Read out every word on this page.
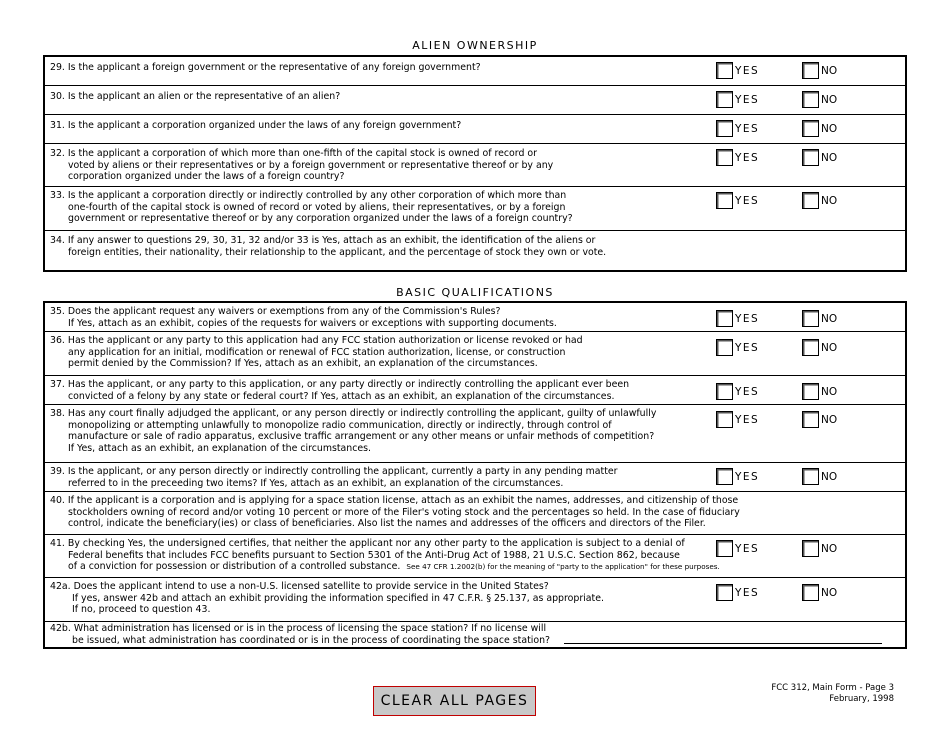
ALIEN OWNERSHIP
29. Is the applicant a foreign government or the representative of any foreign government?	YES	NO
30. Is the applicant an alien or the representative of an alien?	YES	NO
31. Is the applicant a corporation organized under the laws of any foreign government?	YES	NO
32. Is the applicant a corporation of which more than one-fifth of the capital stock is owned of record or
voted by aliens or their representatives or by a foreign government or representative thereof or by any
corporation organized under the laws of a foreign country?
YES	NO
33. Is the applicant a corporation directly or indirectly controlled by any other corporation of which more than
one-fourth of the capital stock is owned of record or voted by aliens, their representatives, or by a foreign
government or representative thereof or by any corporation organized under the laws of a foreign country?
YES	NO
34. If any answer to questions 29, 30, 31, 32 and/or 33 is Yes, attach as an exhibit, the identification of the aliens or
foreign entities, their nationality, their relationship to the applicant, and the percentage of stock they own or vote.
BASIC QUALIFICATIONS
35. Does the applicant request any waivers or exemptions from any of the Commission's Rules?
If Yes, attach as an exhibit, copies of the requests for waivers or exceptions with supporting documents.	YES	NO
36. Has the applicant or any party to this application had any FCC station authorization or license revoked or had
any application for an initial, modification or renewal of FCC station authorization, license, or construction
permit denied by the Commission? If Yes, attach as an exhibit, an explanation of the circumstances.
YES	NO
37. Has the applicant, or any party to this application, or any party directly or indirectly controlling the applicant ever been
convicted of a felony by any state or federal court? If Yes, attach as an exhibit, an explanation of the circumstances.	YES	NO
38. Has any court finally adjudged the applicant, or any person directly or indirectly controlling the applicant, guilty of unlawfully
monopolizing or attempting unlawfully to monopolize radio communication, directly or indirectly, through control of
manufacture or sale of radio apparatus, exclusive traffic arrangement or any other means or unfair methods of competition?
If Yes, attach as an exhibit, an explanation of the circumstances.
YES	NO
39. Is the applicant, or any person directly or indirectly controlling the applicant, currently a party in any pending matter
referred to in the preceeding two items? If Yes, attach as an exhibit, an explanation of the circumstances.
YES	NO
40. If the applicant is a corporation and is applying for a space station license, attach as an exhibit the names, addresses, and citizenship of those
stockholders owning of record and/or voting 10 percent or more of the Filer's voting stock and the percentages so held. In the case of fiduciary
control, indicate the beneficiary(ies) or class of beneficiaries. Also list the names and addresses of the officers and directors of the Filer.
41. By checking Yes, the undersigned certifies, that neither the applicant nor any other party to the application is subject to a denial of
Federal benefits that includes FCC benefits pursuant to Section 5301 of the Anti-Drug Act of 1988, 21 U.S.C. Section 862, because
of a conviction for possession or distribution of a controlled substance. See 47 CFR 1.2002(b) for the meaning of "party to the application" for these purposes.
YES	NO
42a. Does the applicant intend to use a non-U.S. licensed satellite to provide service in the United States?
If yes, answer 42b and attach an exhibit providing the information specified in 47 C.F.R. § 25.137, as appropriate.
If no, proceed to question 43.
YES	NO
42b. What administration has licensed or is in the process of licensing the space station? If no license will
be issued, what administration has coordinated or is in the process of coordinating the space station?
CLEAR ALL PAGES
FCC 312, Main Form - Page 3
February, 1998
